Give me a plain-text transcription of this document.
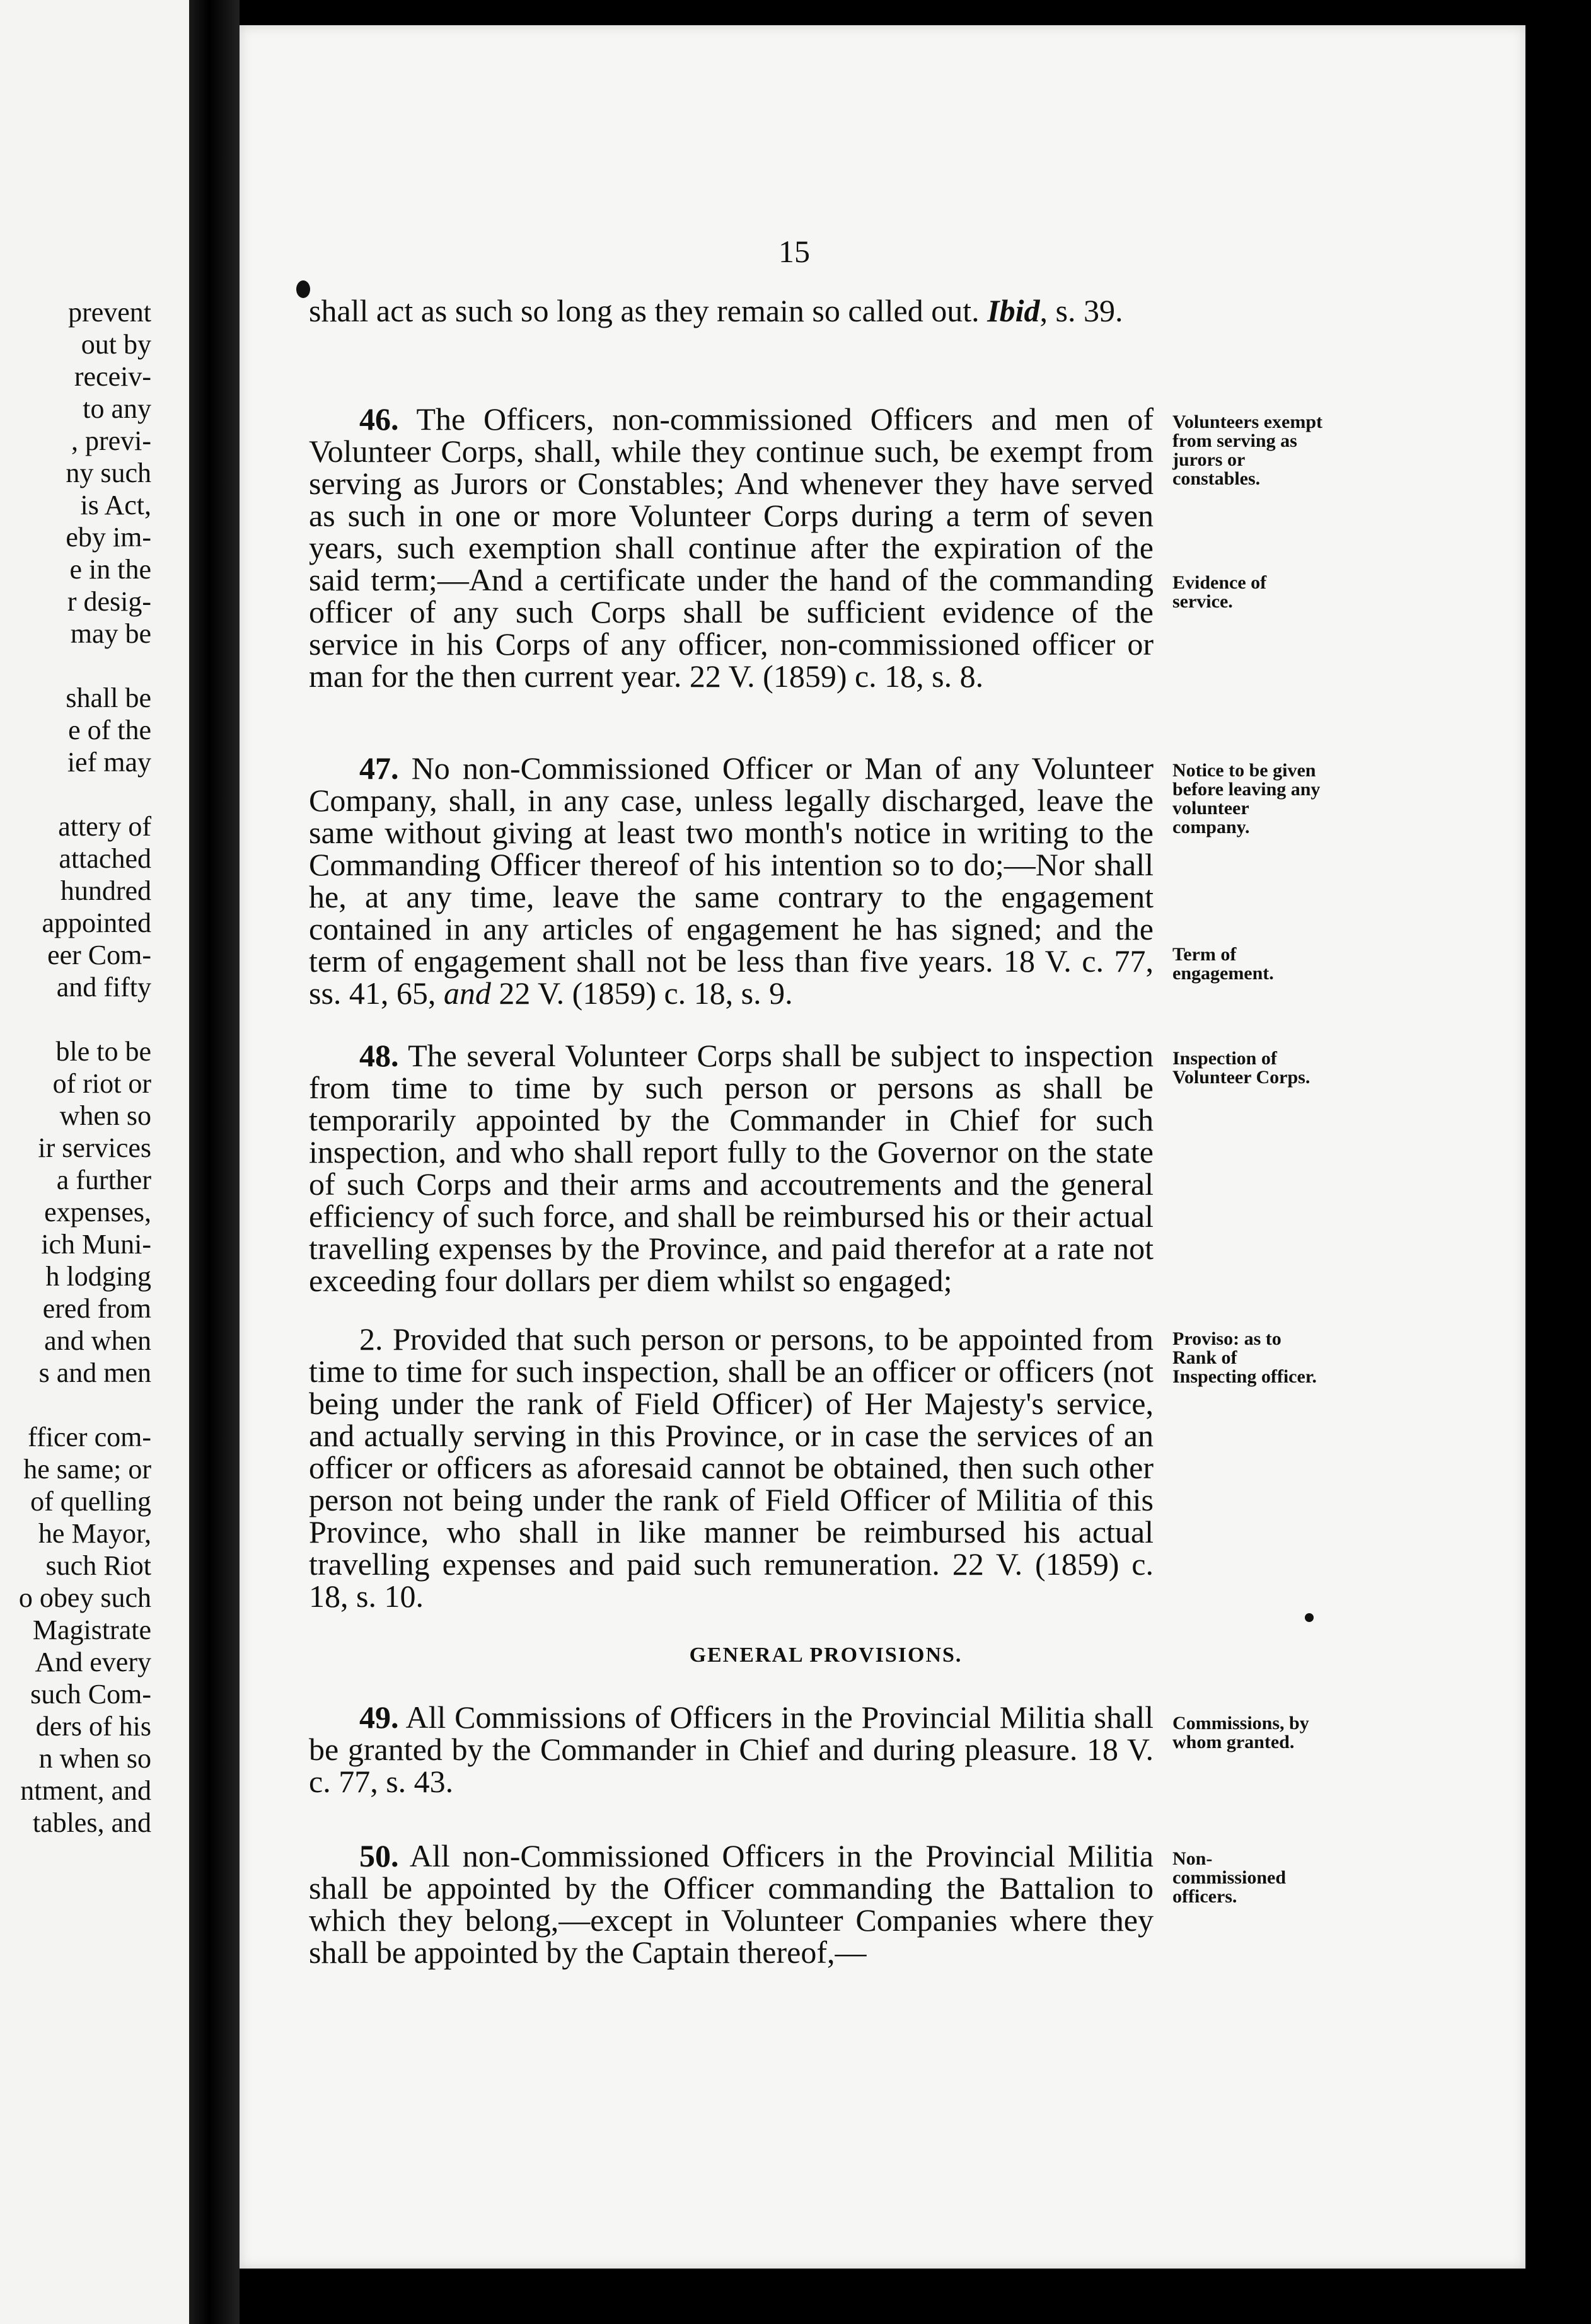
prevent
out by
receiv-
to any
, previ-
ny such
is Act,
eby im-
e in the
r desig-
may be
shall be
e of the
ief may
attery of
attached
hundred
appointed
eer Com-
and fifty
ble to be
of riot or
when so
ir services
a further
expenses,
ich Muni-
h lodging
ered from
and when
s and men
fficer com-
he same; or
of quelling
he Mayor,
such Riot
o obey such
Magistrate
And every
such Com-
ders of his
n when so
ntment, and
tables, and
15
shall act as such so long as they remain so called out. Ibid, s. 39.
46. The Officers, non-commissioned Officers and men of Volunteer Corps, shall, while they continue such, be exempt from serving as Jurors or Constables; And whenever they have served as such in one or more Volunteer Corps during a term of seven years, such exemption shall continue after the expiration of the said term;—And a certificate under the hand of the commanding officer of any such Corps shall be sufficient evidence of the service in his Corps of any officer, non-commissioned officer or man for the then current year. 22 V. (1859) c. 18, s. 8.
47. No non-Commissioned Officer or Man of any Volunteer Company, shall, in any case, unless legally discharged, leave the same without giving at least two month's notice in writing to the Commanding Officer thereof of his intention so to do;—Nor shall he, at any time, leave the same contrary to the engagement contained in any articles of engagement he has signed; and the term of engagement shall not be less than five years. 18 V. c. 77, ss. 41, 65, and 22 V. (1859) c. 18, s. 9.
48. The several Volunteer Corps shall be subject to inspection from time to time by such person or persons as shall be temporarily appointed by the Commander in Chief for such inspection, and who shall report fully to the Governor on the state of such Corps and their arms and accoutrements and the general efficiency of such force, and shall be reimbursed his or their actual travelling expenses by the Province, and paid therefor at a rate not exceeding four dollars per diem whilst so engaged;
2. Provided that such person or persons, to be appointed from time to time for such inspection, shall be an officer or officers (not being under the rank of Field Officer) of Her Majesty's service, and actually serving in this Province, or in case the services of an officer or officers as aforesaid cannot be obtained, then such other person not being under the rank of Field Officer of Militia of this Province, who shall in like manner be reimbursed his actual travelling expenses and paid such remuneration. 22 V. (1859) c. 18, s. 10.
GENERAL PROVISIONS.
49. All Commissions of Officers in the Provincial Militia shall be granted by the Commander in Chief and during pleasure. 18 V. c. 77, s. 43.
50. All non-Commissioned Officers in the Provincial Militia shall be appointed by the Officer commanding the Battalion to which they belong,—except in Volunteer Companies where they shall be appointed by the Captain thereof,—
Volunteers exempt from serving as jurors or constables.
Evidence of service.
Notice to be given before leaving any volunteer company.
Term of engagement.
Inspection of Volunteer Corps.
Proviso: as to Rank of Inspecting officer.
Commissions, by whom granted.
Non-commissioned officers.
